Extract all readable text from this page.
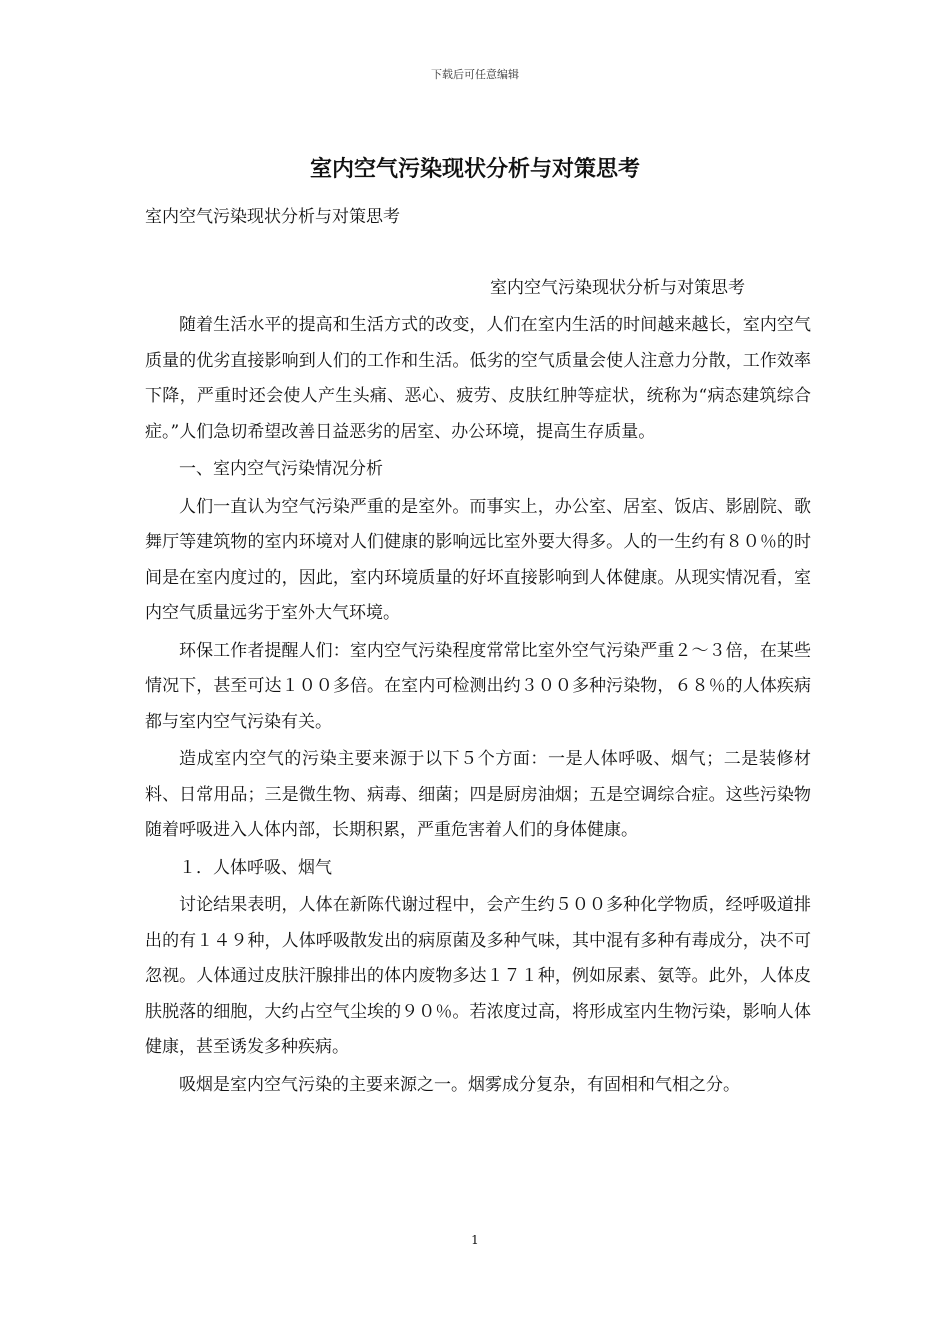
下载后可任意编辑
室内空气污染现状分析与对策思考
室内空气污染现状分析与对策思考
室内空气污染现状分析与对策思考

随着生活水平的提高和生活方式的改变，人们在室内生活的时间越来越长，室内空气质量的优劣直接影响到人们的工作和生活。低劣的空气质量会使人注意力分散，工作效率下降，严重时还会使人产生头痛、恶心、疲劳、皮肤红肿等症状，统称为“病态建筑综合症。”人们急切希望改善日益恶劣的居室、办公环境，提高生存质量。

一、室内空气污染情况分析

人们一直认为空气污染严重的是室外。而事实上，办公室、居室、饭店、影剧院、歌舞厅等建筑物的室内环境对人们健康的影响远比室外要大得多。人的一生约有８０％的时间是在室内度过的，因此，室内环境质量的好坏直接影响到人体健康。从现实情况看，室内空气质量远劣于室外大气环境。

环保工作者提醒人们：室内空气污染程度常常比室外空气污染严重２～３倍，在某些情况下，甚至可达１００多倍。在室内可检测出约３００多种污染物，６８％的人体疾病都与室内空气污染有关。

造成室内空气的污染主要来源于以下５个方面：一是人体呼吸、烟气；二是装修材料、日常用品；三是微生物、病毒、细菌；四是厨房油烟；五是空调综合症。这些污染物随着呼吸进入人体内部，长期积累，严重危害着人们的身体健康。

１．人体呼吸、烟气

讨论结果表明，人体在新陈代谢过程中，会产生约５００多种化学物质，经呼吸道排出的有１４９种，人体呼吸散发出的病原菌及多种气味，其中混有多种有毒成分，决不可忽视。人体通过皮肤汗腺排出的体内废物多达１７１种，例如尿素、氨等。此外，人体皮肤脱落的细胞，大约占空气尘埃的９０％。若浓度过高，将形成室内生物污染，影响人体健康，甚至诱发多种疾病。

吸烟是室内空气污染的主要来源之一。烟雾成分复杂，有固相和气相之分。

1
